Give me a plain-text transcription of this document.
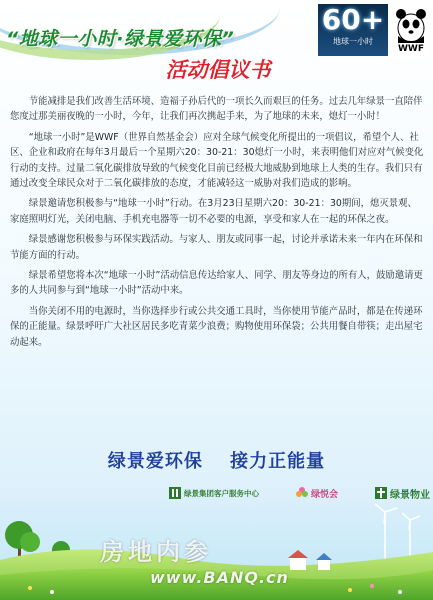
“地球一小时·绿景爱环保”
活动倡议书
60+
地球一小时
WWF

节能减排是我们改善生活环境、造福子孙后代的一项长久而艰巨的任务。过去几年绿景一直陪伴您度过那美丽夜晚的一小时，今年，让我们再次携起手来，为了地球的未来，熄灯一小时！

“地球一小时”是WWF（世界自然基金会）应对全球气候变化所提出的一项倡议，希望个人、社区、企业和政府在每年3月最后一个星期六20：30-21：30熄灯一小时，来表明他们对应对气候变化行动的支持。过量二氧化碳排放导致的气候变化目前已经极大地威胁到地球上人类的生存。我们只有通过改变全球民众对于二氧化碳排放的态度，才能减轻这一威胁对我们造成的影响。

绿景邀请您积极参与“地球一小时”行动。在3月23日星期六20：30-21：30期间，熄灭景观、家庭照明灯光，关闭电脑、手机充电器等一切不必要的电源，享受和家人在一起的环保之夜。

绿景感谢您积极参与环保实践活动。与家人、朋友或同事一起，讨论并承诺未来一年内在环保和节能方面的行动。

绿景希望您将本次“地球一小时”活动信息传达给家人、同学、朋友等身边的所有人，鼓励邀请更多的人共同参与到“地球一小时”活动中来。

当你关闭不用的电源时，当你选择步行或公共交通工具时，当你使用节能产品时，都是在传递环保的正能量。绿景呼吁广大社区居民多吃青菜少浪费；购物使用环保袋；公共用餐自带筷；走出屋宅动起来。

绿景爱环保 接力正能量
绿景集团客户服务中心	绿悦会	绿景物业
房地内参
www.BANQ.cn
